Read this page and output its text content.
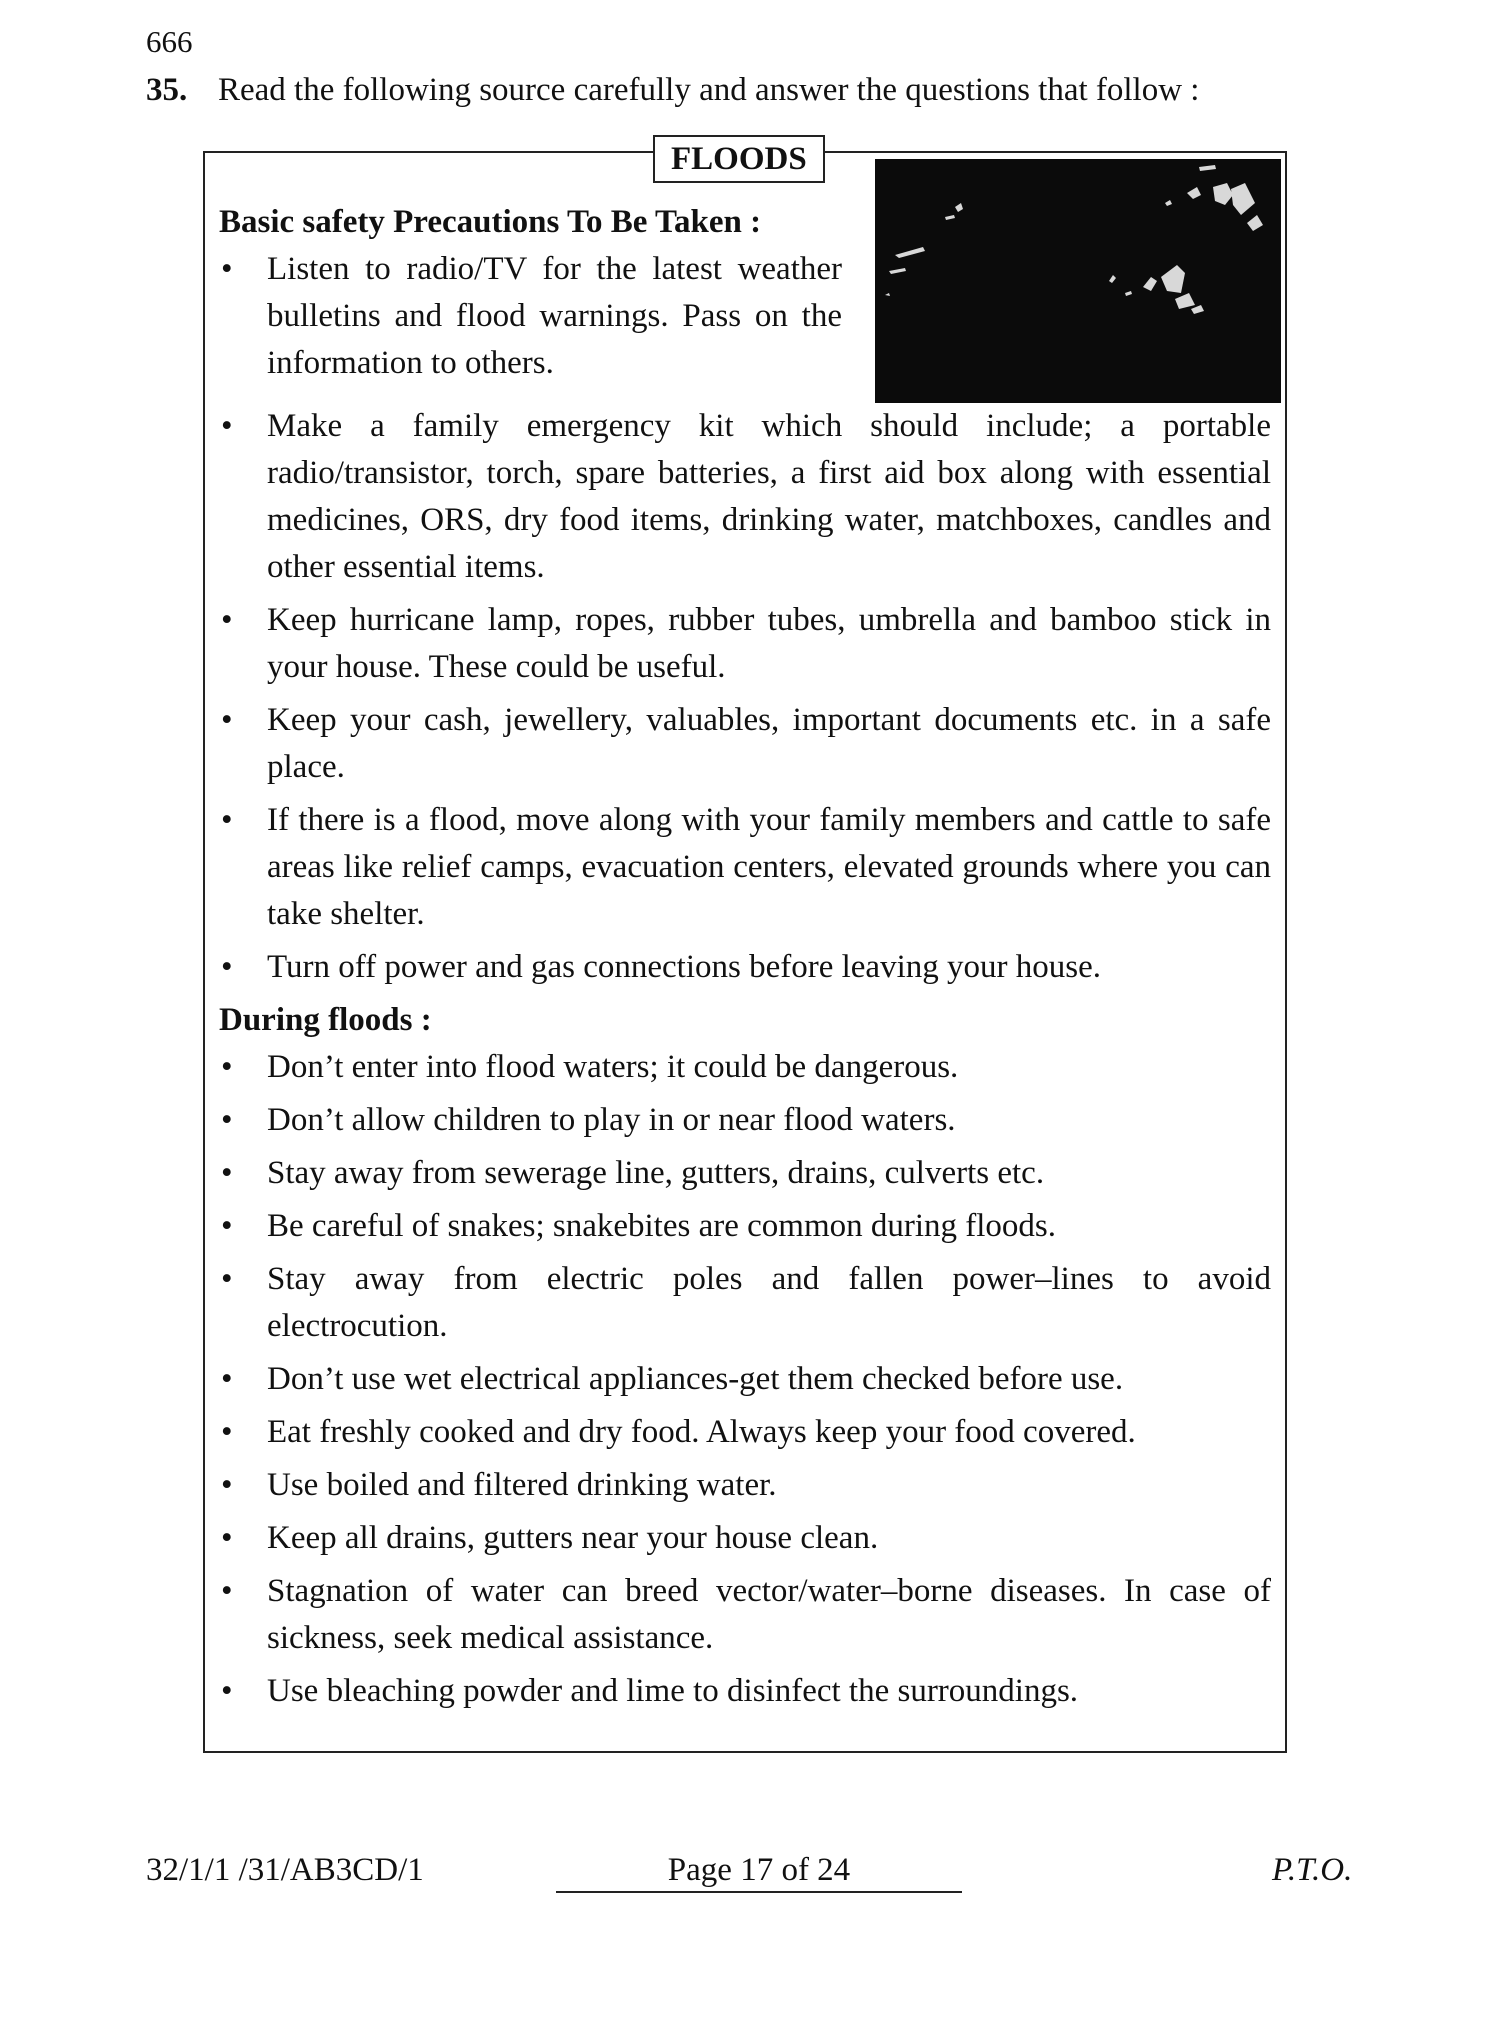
666
35. Read the following source carefully and answer the questions that follow :
FLOODS

Basic safety Precautions To Be Taken :

• Listen to radio/TV for the latest weather bulletins and flood warnings. Pass on the information to others.
• Make a family emergency kit which should include; a portable radio/transistor, torch, spare batteries, a first aid box along with essential medicines, ORS, dry food items, drinking water, matchboxes, candles and other essential items.
• Keep hurricane lamp, ropes, rubber tubes, umbrella and bamboo stick in your house. These could be useful.
• Keep your cash, jewellery, valuables, important documents etc. in a safe place.
• If there is a flood, move along with your family members and cattle to safe areas like relief camps, evacuation centers, elevated grounds where you can take shelter.
• Turn off power and gas connections before leaving your house.

During floods :

• Don’t enter into flood waters; it could be dangerous.
• Don’t allow children to play in or near flood waters.
• Stay away from sewerage line, gutters, drains, culverts etc.
• Be careful of snakes; snakebites are common during floods.
• Stay away from electric poles and fallen power–lines to avoid electrocution.
• Don’t use wet electrical appliances-get them checked before use.
• Eat freshly cooked and dry food. Always keep your food covered.
• Use boiled and filtered drinking water.
• Keep all drains, gutters near your house clean.
• Stagnation of water can breed vector/water–borne diseases. In case of sickness, seek medical assistance.
• Use bleaching powder and lime to disinfect the surroundings.
32/1/1 /31/AB3CD/1	Page 17 of 24	P.T.O.
